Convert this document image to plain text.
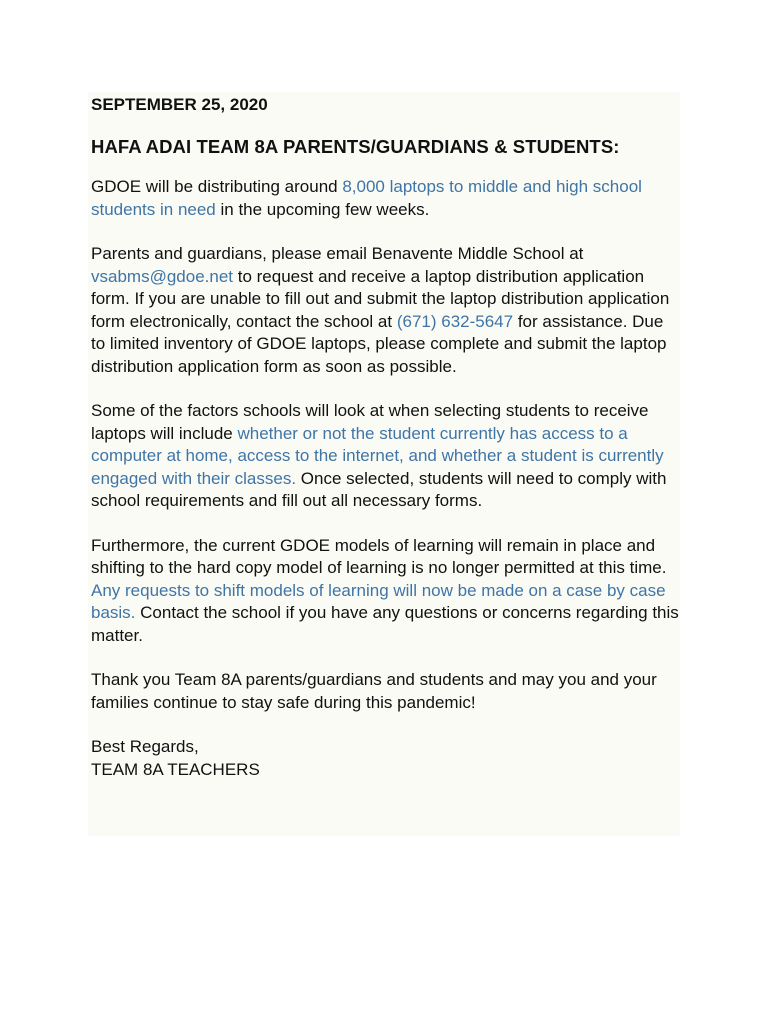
SEPTEMBER 25, 2020
HAFA ADAI TEAM 8A PARENTS/GUARDIANS & STUDENTS:

GDOE will be distributing around 8,000 laptops to middle and high school students in need in the upcoming few weeks.

Parents and guardians, please email Benavente Middle School at vsabms@gdoe.net to request and receive a laptop distribution application form. If you are unable to fill out and submit the laptop distribution application form electronically, contact the school at (671) 632-5647 for assistance. Due to limited inventory of GDOE laptops, please complete and submit the laptop distribution application form as soon as possible.

Some of the factors schools will look at when selecting students to receive laptops will include whether or not the student currently has access to a computer at home, access to the internet, and whether a student is currently engaged with their classes. Once selected, students will need to comply with school requirements and fill out all necessary forms.

Furthermore, the current GDOE models of learning will remain in place and shifting to the hard copy model of learning is no longer permitted at this time. Any requests to shift models of learning will now be made on a case by case basis. Contact the school if you have any questions or concerns regarding this matter.

Thank you Team 8A parents/guardians and students and may you and your families continue to stay safe during this pandemic!

Best Regards,

TEAM 8A TEACHERS
